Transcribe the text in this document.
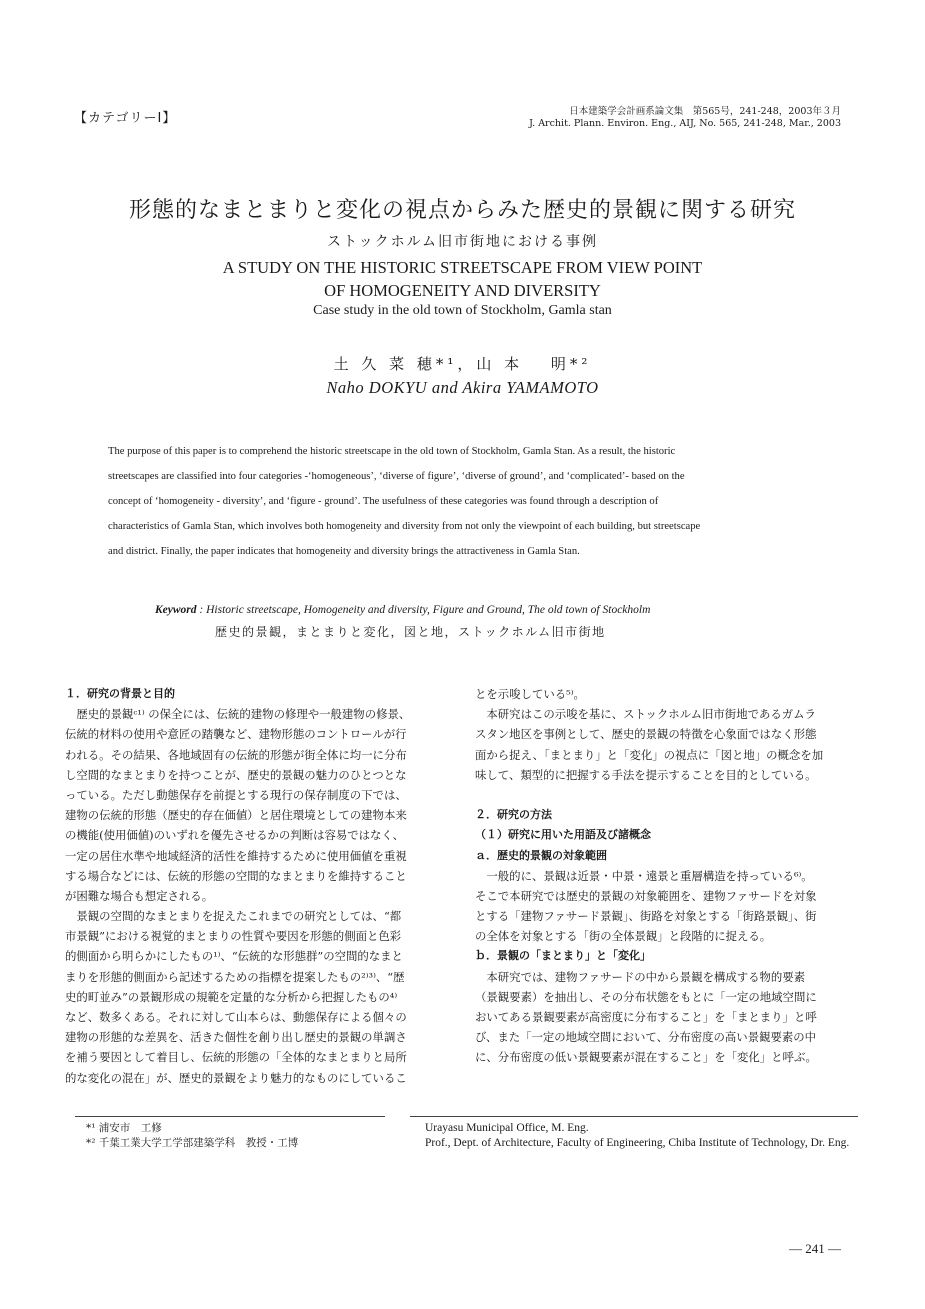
【カテゴリーⅠ】	日本建築学会計画系論文集　第565号，241-248，2003年３月
J. Archit. Plann. Environ. Eng., AIJ, No. 565, 241-248, Mar., 2003
形態的なまとまりと変化の視点からみた歴史的景観に関する研究
ストックホルム旧市街地における事例
A STUDY ON THE HISTORIC STREETSCAPE FROM VIEW POINT
OF HOMOGENEITY AND DIVERSITY
Case study in the old town of Stockholm, Gamla stan
土 久 菜 穂*¹，山 本　 明*²
Naho DOKYU and Akira YAMAMOTO
The purpose of this paper is to comprehend the historic streetscape in the old town of Stockholm, Gamla Stan. As a result, the historic
streetscapes are classified into four categories -‘homogeneous’, ‘diverse of figure’, ‘diverse of ground’, and ‘complicated’- based on the
concept of ‘homogeneity - diversity’, and ‘figure - ground’. The usefulness of these categories was found through a description of
characteristics of Gamla Stan, which involves both homogeneity and diversity from not only the viewpoint of each building, but streetscape
and district. Finally, the paper indicates that homogeneity and diversity brings the attractiveness in Gamla Stan.
Keyword : Historic streetscape, Homogeneity and diversity, Figure and Ground, The old town of Stockholm
歴史的景観，まとまりと変化，図と地，ストックホルム旧市街地
１．研究の背景と目的
　歴史的景観ᶜ¹⁾ の保全には、伝統的建物の修理や一般建物の修景、
伝統的材料の使用や意匠の踏襲など、建物形態のコントロールが行
われる。その結果、各地域固有の伝統的形態が街全体に均一に分布
し空間的なまとまりを持つことが、歴史的景観の魅力のひとつとな
っている。ただし動態保存を前提とする現行の保存制度の下では、
建物の伝統的形態（歴史的存在価値）と居住環境としての建物本来
の機能(使用価値)のいずれを優先させるかの判断は容易ではなく、
一定の居住水準や地域経済的活性を維持するために使用価値を重視
する場合などには、伝統的形態の空間的なまとまりを維持すること
が困難な場合も想定される。
　景観の空間的なまとまりを捉えたこれまでの研究としては、“都
市景観”における視覚的まとまりの性質や要因を形態的側面と色彩
的側面から明らかにしたもの¹⁾、“伝統的な形態群”の空間的なまと
まりを形態的側面から記述するための指標を提案したもの²⁾³⁾、“歴
史的町並み”の景観形成の規範を定量的な分析から把握したもの⁴⁾
など、数多くある。それに対して山本らは、動態保存による個々の
建物の形態的な差異を、活きた個性を創り出し歴史的景観の単調さ
を補う要因として着目し、伝統的形態の「全体的なまとまりと局所
的な変化の混在」が、歴史的景観をより魅力的なものにしているこ
とを示唆している⁵⁾。
　本研究はこの示唆を基に、ストックホルム旧市街地であるガムラ
スタン地区を事例として、歴史的景観の特徴を心象面ではなく形態
面から捉え、「まとまり」と「変化」の視点に「図と地」の概念を加
味して、類型的に把握する手法を提示することを目的としている。
２．研究の方法
（１）研究に用いた用語及び諸概念
ａ．歴史的景観の対象範囲
　一般的に、景観は近景・中景・遠景と重層構造を持っている⁶⁾。
そこで本研究では歴史的景観の対象範囲を、建物ファサードを対象
とする「建物ファサード景観」、街路を対象とする「街路景観」、街
の全体を対象とする「街の全体景観」と段階的に捉える。
ｂ．景観の「まとまり」と「変化」
　本研究では、建物ファサードの中から景観を構成する物的要素
（景観要素）を抽出し、その分布状態をもとに「一定の地域空間に
おいてある景観要素が高密度に分布すること」を「まとまり」と呼
び、また「一定の地域空間において、分布密度の高い景観要素の中
に、分布密度の低い景観要素が混在すること」を「変化」と呼ぶ。
*¹ 浦安市　工修
*² 千葉工業大学工学部建築学科　教授・工博
Urayasu Municipal Office, M. Eng.
Prof., Dept. of Architecture, Faculty of Engineering, Chiba Institute of Technology, Dr. Eng.
— 241 —
